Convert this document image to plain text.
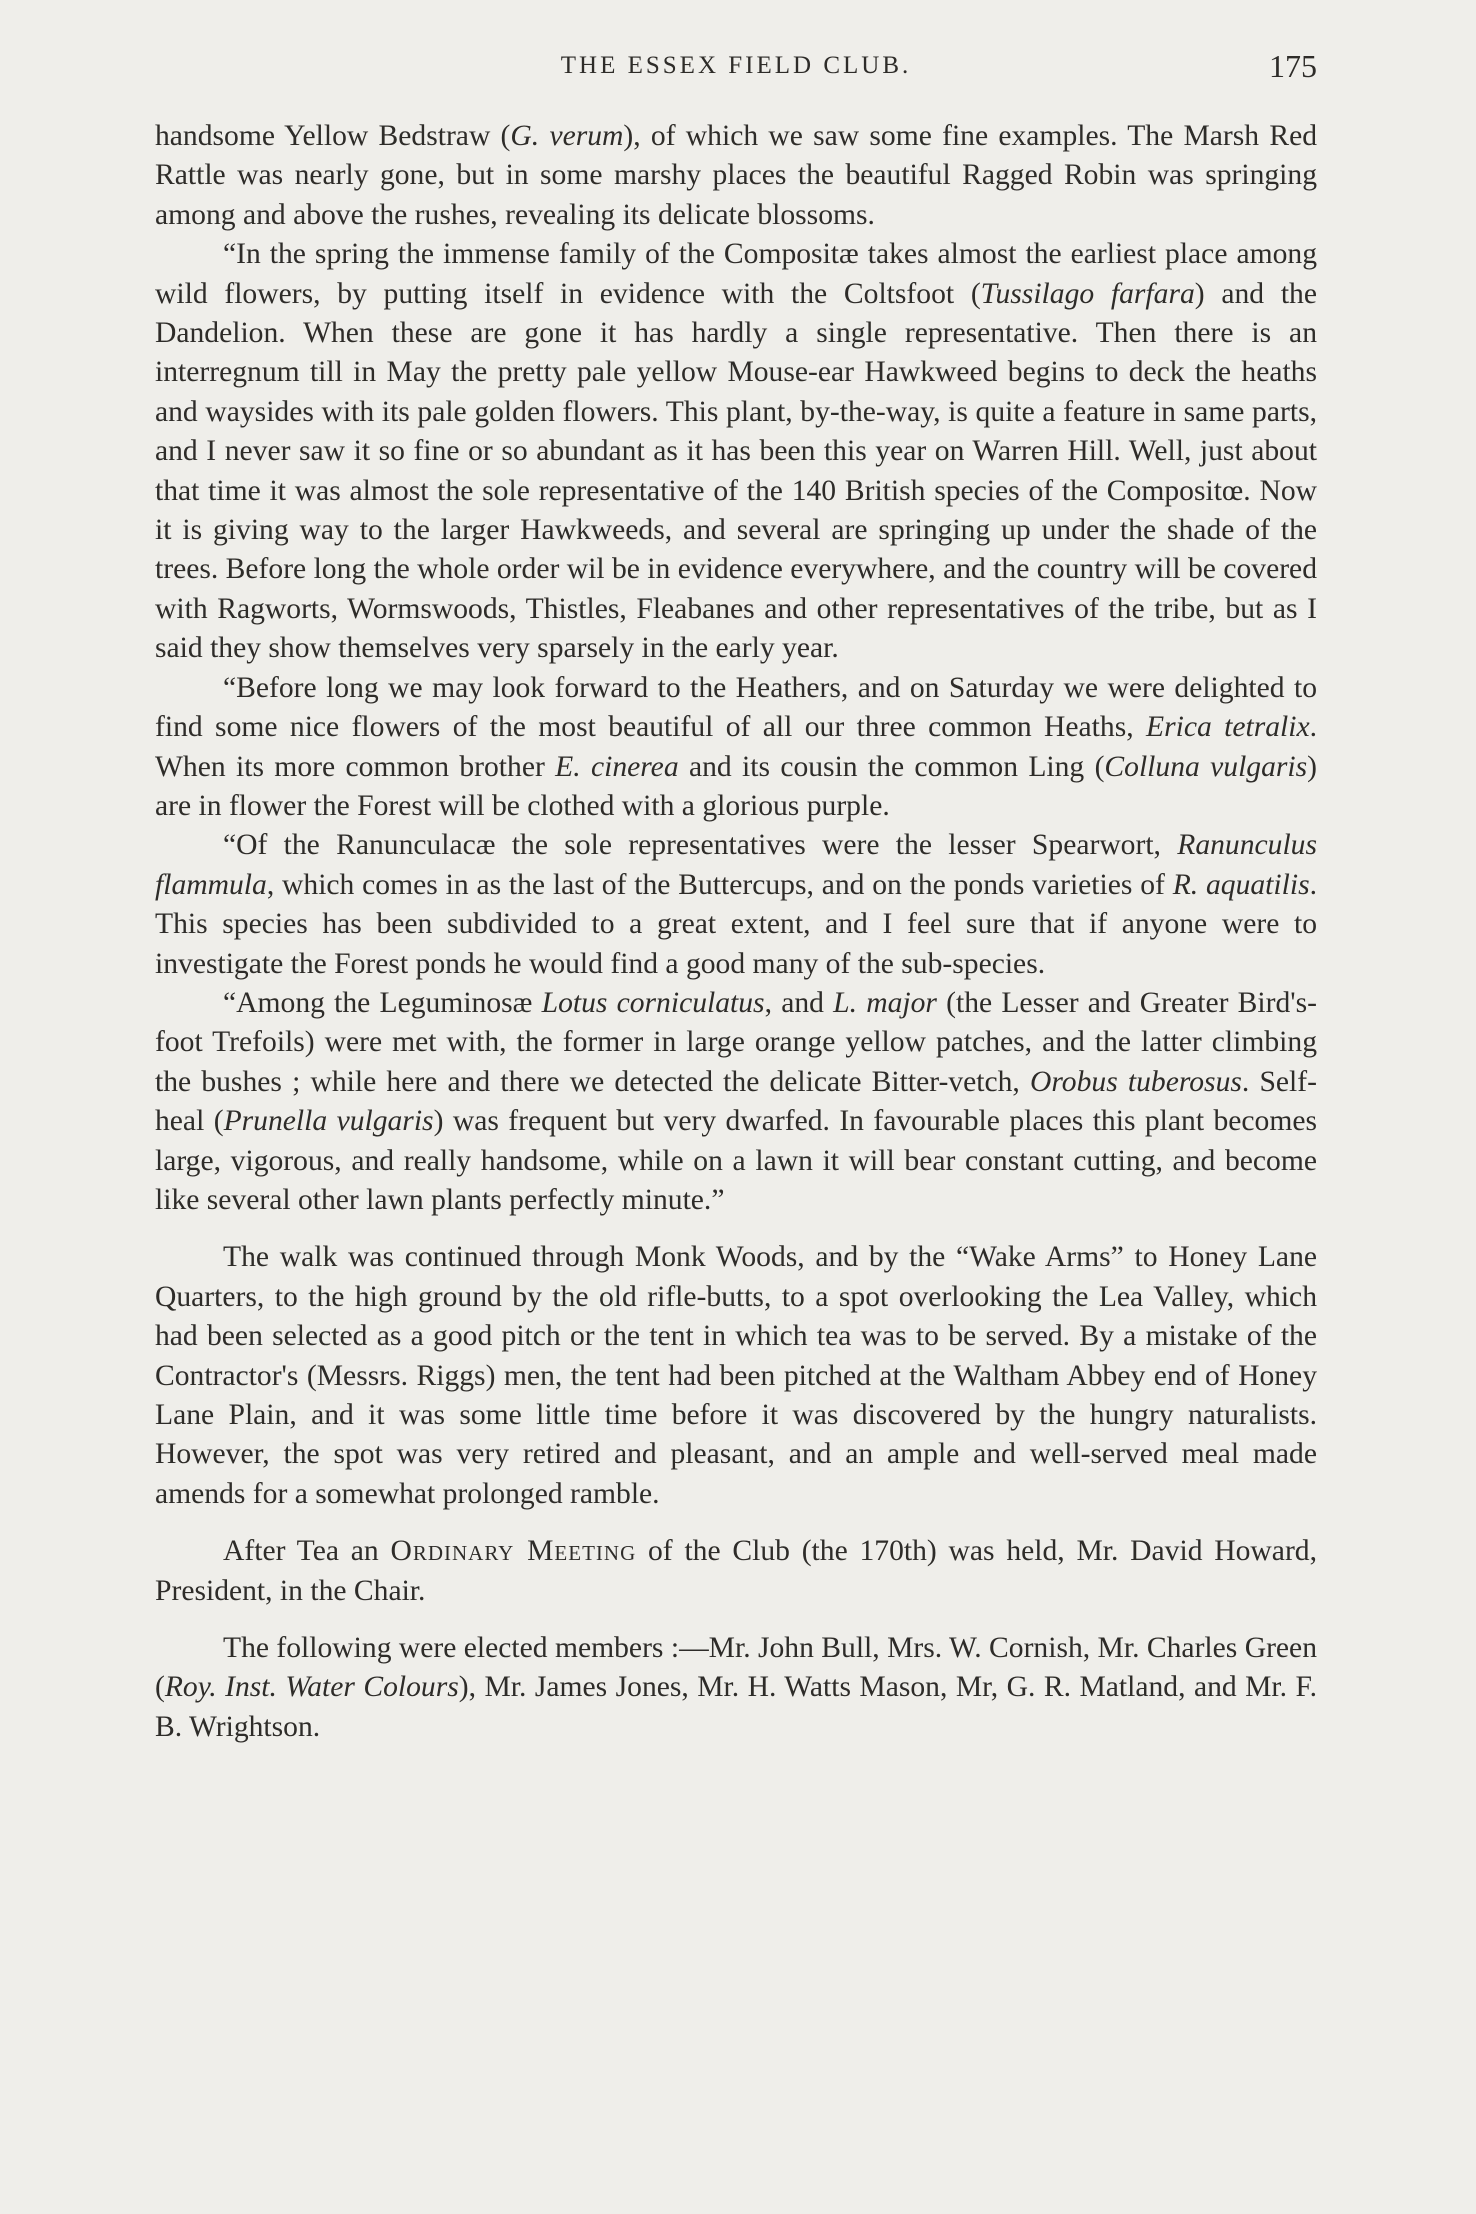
THE ESSEX FIELD CLUB.	175

handsome Yellow Bedstraw (G. verum), of which we saw some fine examples. The Marsh Red Rattle was nearly gone, but in some marshy places the beautiful Ragged Robin was springing among and above the rushes, revealing its delicate blossoms.

“In the spring the immense family of the Compositæ takes almost the earliest place among wild flowers, by putting itself in evidence with the Coltsfoot (Tussilago farfara) and the Dandelion. When these are gone it has hardly a single representative. Then there is an interregnum till in May the pretty pale yellow Mouse-ear Hawkweed begins to deck the heaths and waysides with its pale golden flowers. This plant, by-the-way, is quite a feature in same parts, and I never saw it so fine or so abundant as it has been this year on Warren Hill. Well, just about that time it was almost the sole representative of the 140 British species of the Compositœ. Now it is giving way to the larger Hawkweeds, and several are springing up under the shade of the trees. Before long the whole order wil be in evidence everywhere, and the country will be covered with Ragworts, Wormswoods, Thistles, Fleabanes and other representatives of the tribe, but as I said they show themselves very sparsely in the early year.

“Before long we may look forward to the Heathers, and on Saturday we were delighted to find some nice flowers of the most beautiful of all our three common Heaths, Erica tetralix. When its more common brother E. cinerea and its cousin the common Ling (Colluna vulgaris) are in flower the Forest will be clothed with a glorious purple.

“Of the Ranunculacæ the sole representatives were the lesser Spearwort, Ranunculus flammula, which comes in as the last of the Buttercups, and on the ponds varieties of R. aquatilis. This species has been subdivided to a great extent, and I feel sure that if anyone were to investigate the Forest ponds he would find a good many of the sub-species.

“Among the Leguminosæ Lotus corniculatus, and L. major (the Lesser and Greater Bird's-foot Trefoils) were met with, the former in large orange yellow patches, and the latter climbing the bushes ; while here and there we detected the delicate Bitter-vetch, Orobus tuberosus. Self-heal (Prunella vulgaris) was frequent but very dwarfed. In favourable places this plant becomes large, vigorous, and really handsome, while on a lawn it will bear constant cutting, and become like several other lawn plants perfectly minute.”

The walk was continued through Monk Woods, and by the “Wake Arms” to Honey Lane Quarters, to the high ground by the old rifle-butts, to a spot overlooking the Lea Valley, which had been selected as a good pitch or the tent in which tea was to be served. By a mistake of the Contractor's (Messrs. Riggs) men, the tent had been pitched at the Waltham Abbey end of Honey Lane Plain, and it was some little time before it was discovered by the hungry naturalists. However, the spot was very retired and pleasant, and an ample and well-served meal made amends for a somewhat prolonged ramble.

After Tea an Ordinary Meeting of the Club (the 170th) was held, Mr. David Howard, President, in the Chair.

The following were elected members :—Mr. John Bull, Mrs. W. Cornish, Mr. Charles Green (Roy. Inst. Water Colours), Mr. James Jones, Mr. H. Watts Mason, Mr, G. R. Matland, and Mr. F. B. Wrightson.
